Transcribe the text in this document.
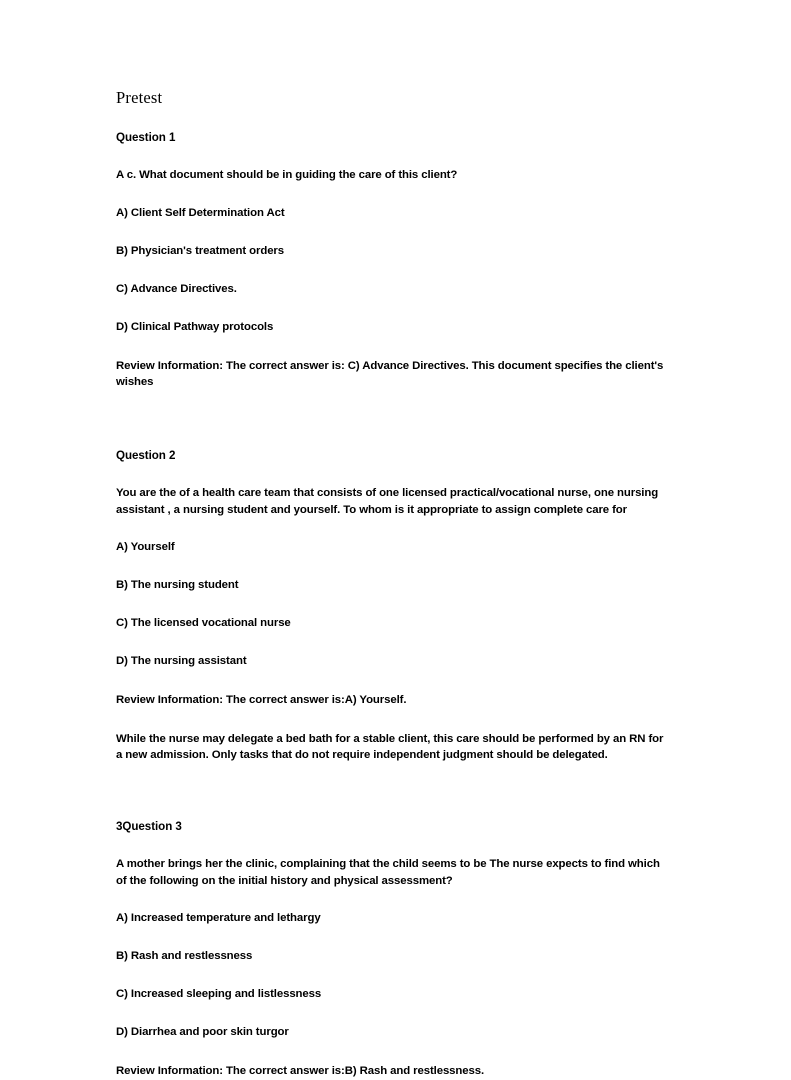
Pretest
Question 1

A c. What document should be in guiding the care of this client?

A) Client Self Determination Act

B) Physician's treatment orders

C) Advance Directives.

D) Clinical Pathway protocols

Review Information: The correct answer is: C) Advance Directives. This document specifies the client's wishes

Question 2

You are the of a health care team that consists of one licensed practical/vocational nurse, one nursing assistant , a nursing student and yourself. To whom is it appropriate to assign complete care for

A) Yourself

B) The nursing student

C) The licensed vocational nurse

D) The nursing assistant

Review Information: The correct answer is:A) Yourself.

While the nurse may delegate a bed bath for a stable client, this care should be performed by an RN for a new admission. Only tasks that do not require independent judgment should be delegated.

3Question 3

A mother brings her the clinic, complaining that the child seems to be The nurse expects to find which of the following on the initial history and physical assessment?

A) Increased temperature and lethargy

B) Rash and restlessness

C) Increased sleeping and listlessness

D) Diarrhea and poor skin turgor

Review Information: The correct answer is:B) Rash and restlessness.
